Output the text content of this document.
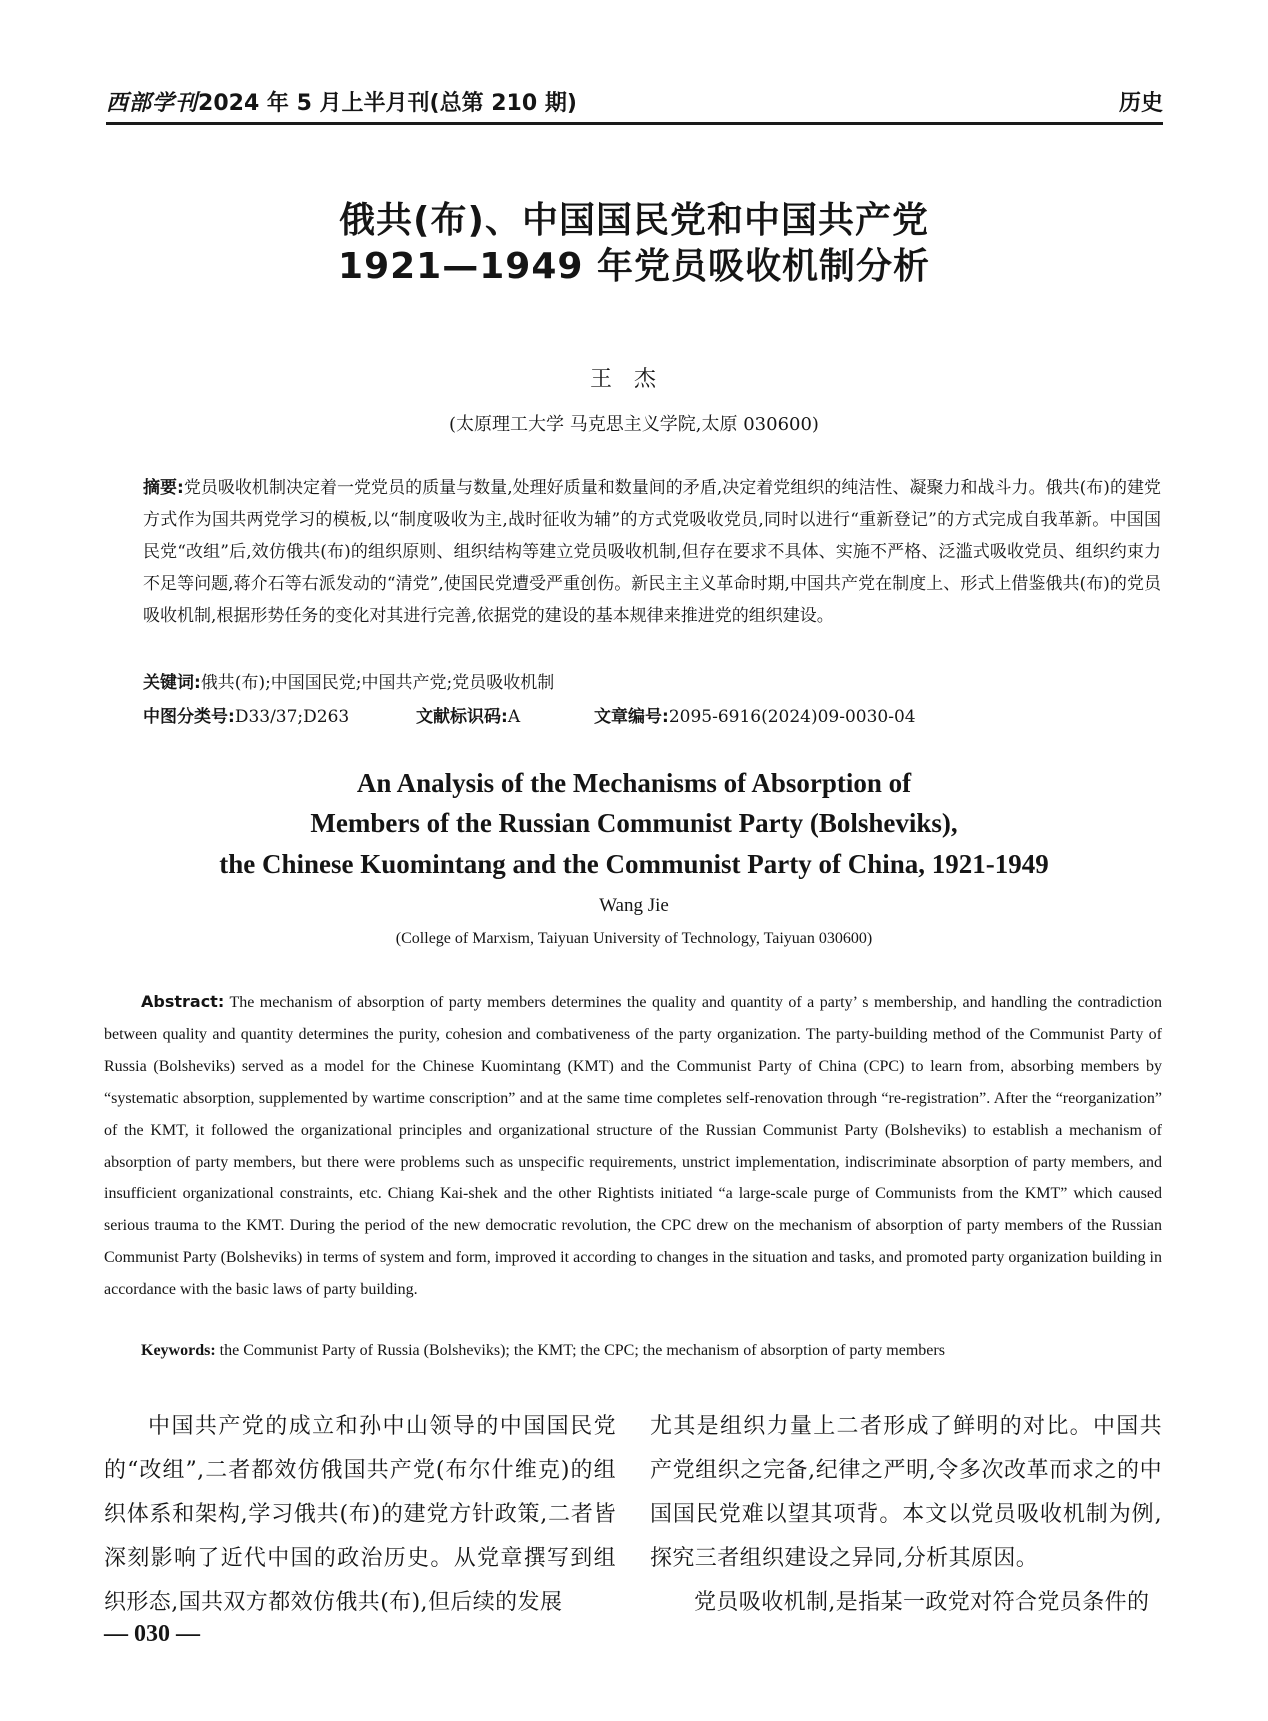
西部学刊2024 年 5 月上半月刊(总第 210 期)	历史
俄共(布)、中国国民党和中国共产党
1921—1949 年党员吸收机制分析
王杰
(太原理工大学 马克思主义学院,太原 030600)

摘要:党员吸收机制决定着一党党员的质量与数量,处理好质量和数量间的矛盾,决定着党组织的纯洁性、凝聚力和战斗力。俄共(布)的建党方式作为国共两党学习的模板,以“制度吸收为主,战时征收为辅”的方式党吸收党员,同时以进行“重新登记”的方式完成自我革新。中国国民党“改组”后,效仿俄共(布)的组织原则、组织结构等建立党员吸收机制,但存在要求不具体、实施不严格、泛滥式吸收党员、组织约束力不足等问题,蒋介石等右派发动的“清党”,使国民党遭受严重创伤。新民主主义革命时期,中国共产党在制度上、形式上借鉴俄共(布)的党员吸收机制,根据形势任务的变化对其进行完善,依据党的建设的基本规律来推进党的组织建设。

关键词:俄共(布);中国国民党;中国共产党;党员吸收机制
中图分类号:D33/37;D263	文献标识码:A	文章编号:2095-6916(2024)09-0030-04
An Analysis of the Mechanisms of Absorption of
Members of the Russian Communist Party (Bolsheviks),
the Chinese Kuomintang and the Communist Party of China, 1921-1949
Wang Jie
(College of Marxism, Taiyuan University of Technology, Taiyuan 030600)

Abstract: The mechanism of absorption of party members determines the quality and quantity of a party’ s membership, and handling the contradiction between quality and quantity determines the purity, cohesion and combativeness of the party organization. The party-building method of the Communist Party of Russia (Bolsheviks) served as a model for the Chinese Kuomintang (KMT) and the Communist Party of China (CPC) to learn from, absorbing members by “systematic absorption, supplemented by wartime conscription” and at the same time completes self-renovation through “re-registration”. After the “reorganization” of the KMT, it followed the organizational principles and organizational structure of the Russian Communist Party (Bolsheviks) to establish a mechanism of absorption of party members, but there were problems such as unspecific requirements, unstrict implementation, indiscriminate absorption of party members, and insufficient organizational constraints, etc. Chiang Kai-shek and the other Rightists initiated “a large-scale purge of Communists from the KMT” which caused serious trauma to the KMT. During the period of the new democratic revolution, the CPC drew on the mechanism of absorption of party members of the Russian Communist Party (Bolsheviks) in terms of system and form, improved it according to changes in the situation and tasks, and promoted party organization building in accordance with the basic laws of party building.

Keywords: the Communist Party of Russia (Bolsheviks); the KMT; the CPC; the mechanism of absorption of party members

中国共产党的成立和孙中山领导的中国国民党的“改组”,二者都效仿俄国共产党(布尔什维克)的组织体系和架构,学习俄共(布)的建党方针政策,二者皆深刻影响了近代中国的政治历史。从党章撰写到组织形态,国共双方都效仿俄共(布),但后续的发展

尤其是组织力量上二者形成了鲜明的对比。中国共产党组织之完备,纪律之严明,令多次改革而求之的中国国民党难以望其项背。本文以党员吸收机制为例,探究三者组织建设之异同,分析其原因。

党员吸收机制,是指某一政党对符合党员条件的

— 030 —
